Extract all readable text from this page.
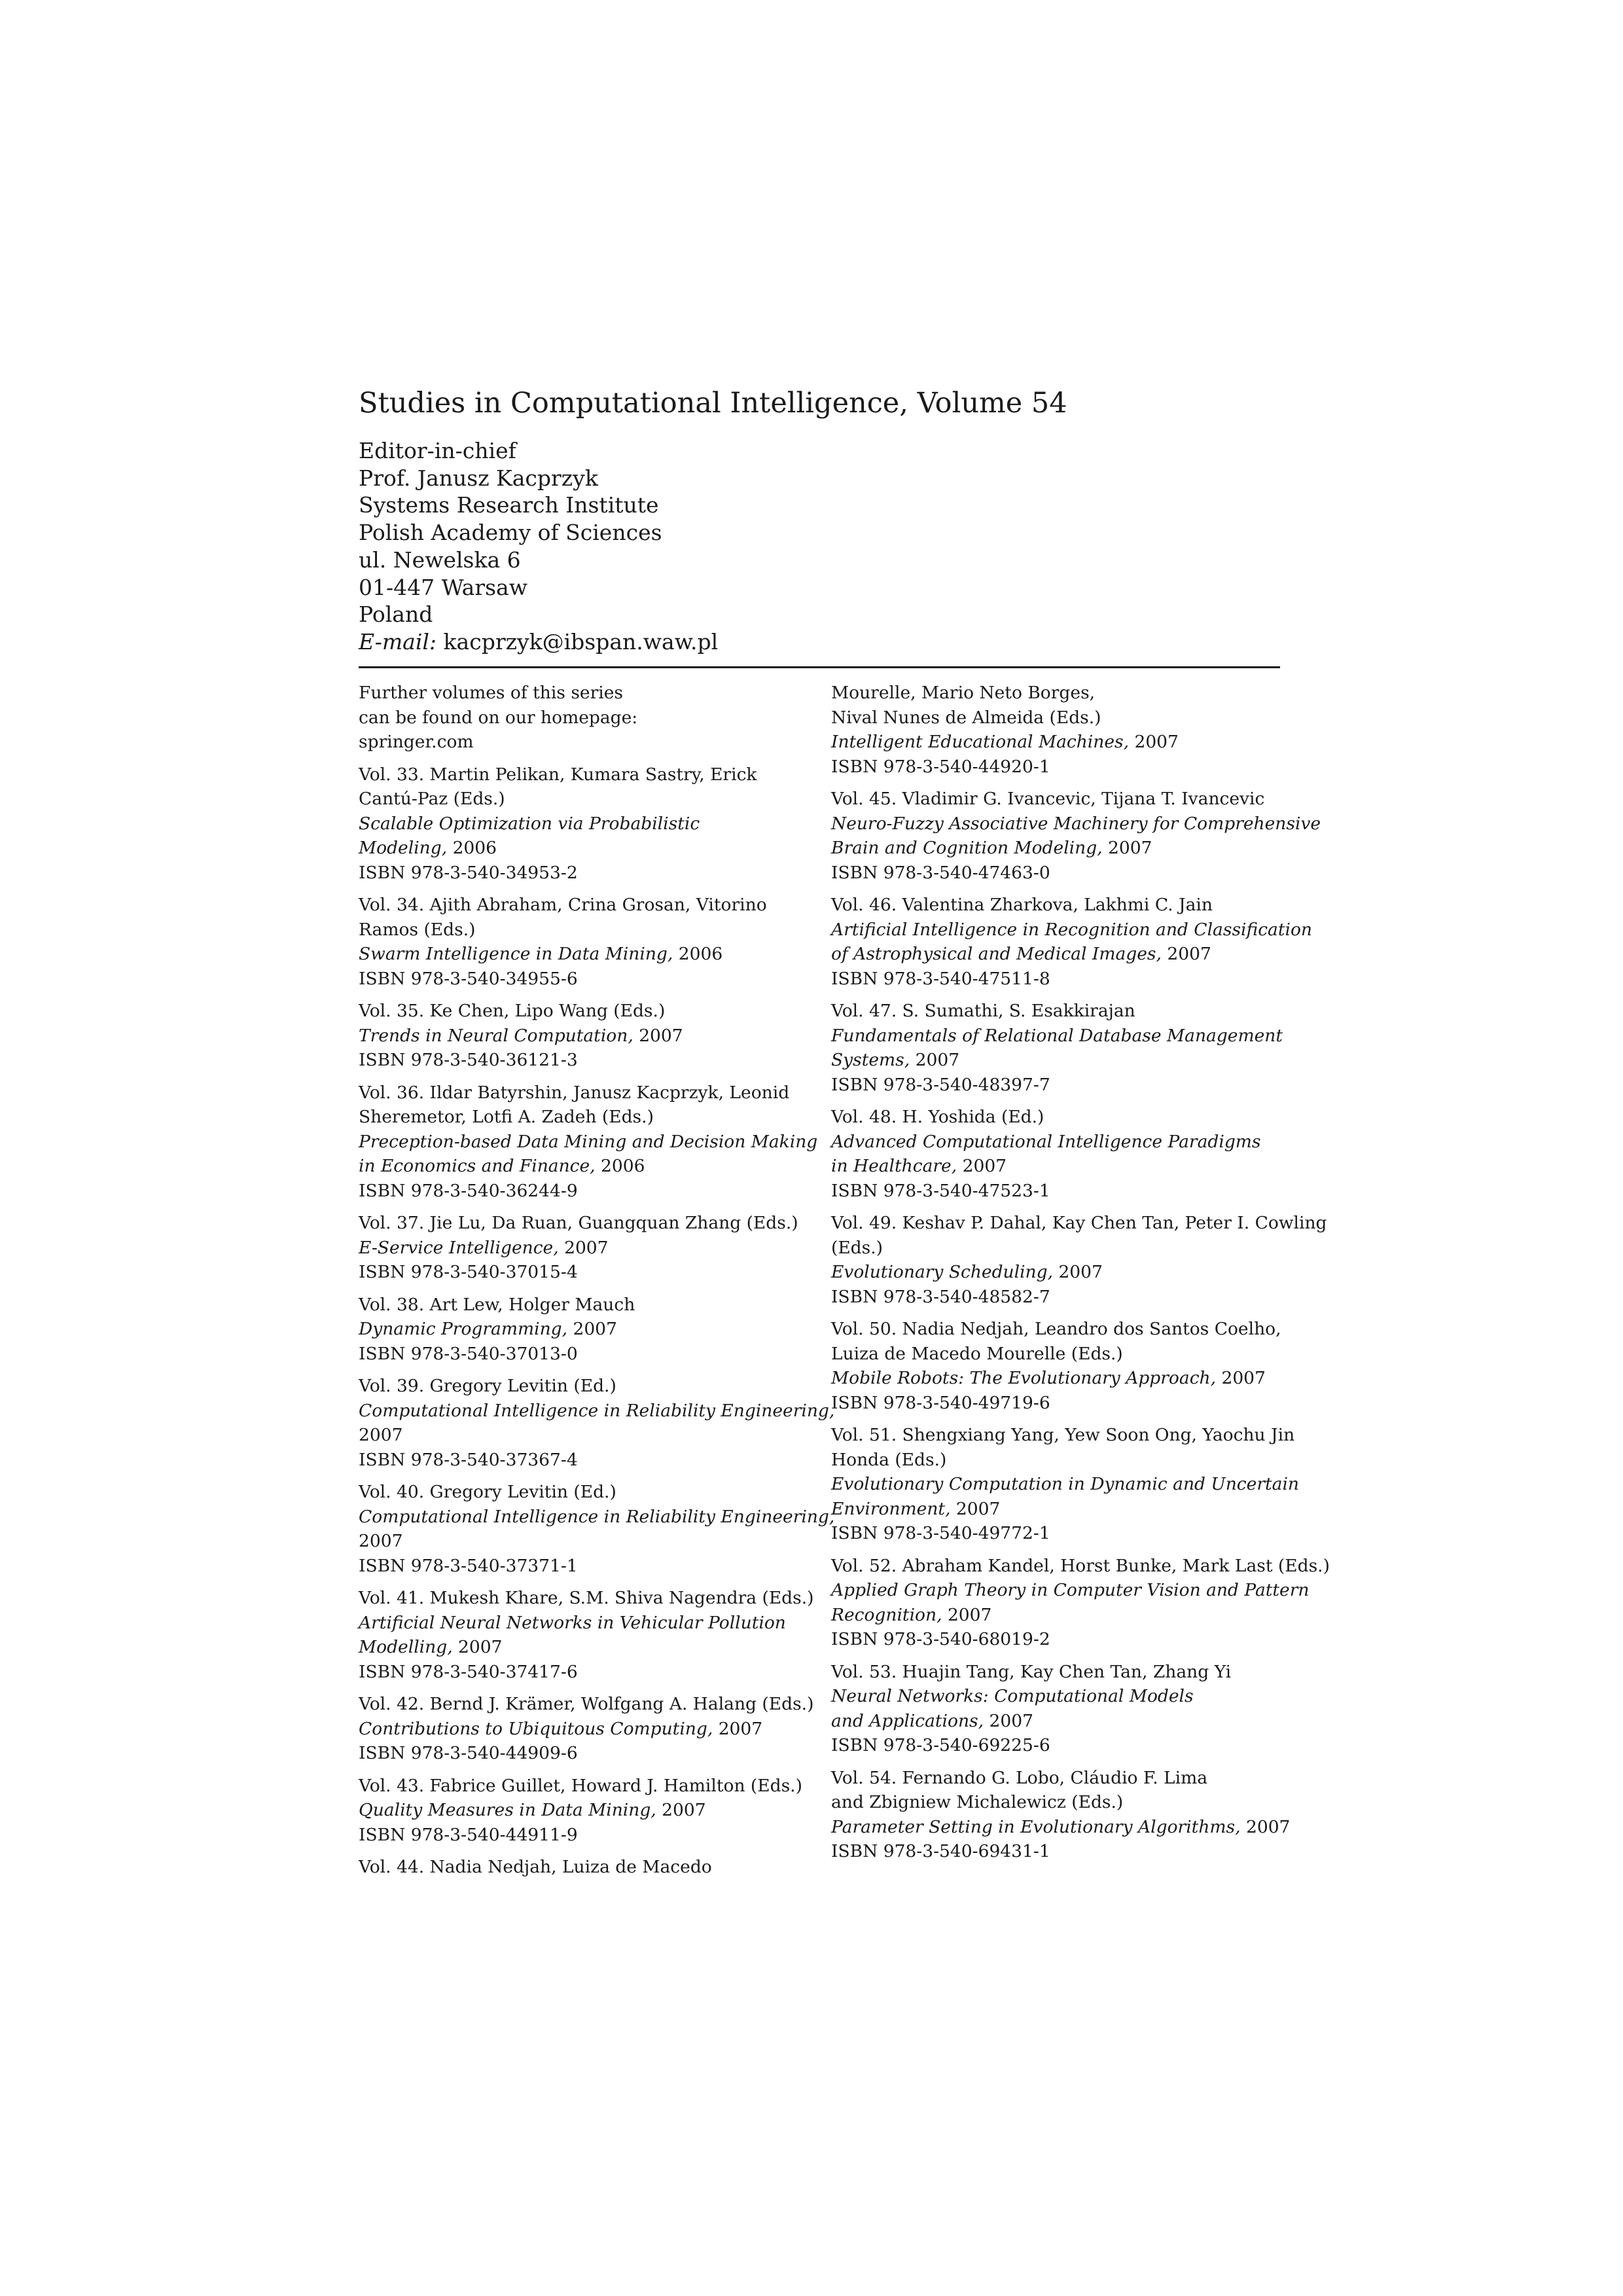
Studies in Computational Intelligence, Volume 54
Editor-in-chief
Prof. Janusz Kacprzyk
Systems Research Institute
Polish Academy of Sciences
ul. Newelska 6
01-447 Warsaw
Poland
E-mail: kacprzyk@ibspan.waw.pl
Further volumes of this series
can be found on our homepage:
springer.com
Vol. 33. Martin Pelikan, Kumara Sastry, Erick
Cantú-Paz (Eds.)
Scalable Optimization via Probabilistic
Modeling, 2006
ISBN 978-3-540-34953-2
Vol. 34. Ajith Abraham, Crina Grosan, Vitorino
Ramos (Eds.)
Swarm Intelligence in Data Mining, 2006
ISBN 978-3-540-34955-6
Vol. 35. Ke Chen, Lipo Wang (Eds.)
Trends in Neural Computation, 2007
ISBN 978-3-540-36121-3
Vol. 36. Ildar Batyrshin, Janusz Kacprzyk, Leonid
Sheremetor, Lotfi A. Zadeh (Eds.)
Preception-based Data Mining and Decision Making
in Economics and Finance, 2006
ISBN 978-3-540-36244-9
Vol. 37. Jie Lu, Da Ruan, Guangquan Zhang (Eds.)
E-Service Intelligence, 2007
ISBN 978-3-540-37015-4
Vol. 38. Art Lew, Holger Mauch
Dynamic Programming, 2007
ISBN 978-3-540-37013-0
Vol. 39. Gregory Levitin (Ed.)
Computational Intelligence in Reliability Engineering,
2007
ISBN 978-3-540-37367-4
Vol. 40. Gregory Levitin (Ed.)
Computational Intelligence in Reliability Engineering,
2007
ISBN 978-3-540-37371-1
Vol. 41. Mukesh Khare, S.M. Shiva Nagendra (Eds.)
Artificial Neural Networks in Vehicular Pollution
Modelling, 2007
ISBN 978-3-540-37417-6
Vol. 42. Bernd J. Krämer, Wolfgang A. Halang (Eds.)
Contributions to Ubiquitous Computing, 2007
ISBN 978-3-540-44909-6
Vol. 43. Fabrice Guillet, Howard J. Hamilton (Eds.)
Quality Measures in Data Mining, 2007
ISBN 978-3-540-44911-9
Vol. 44. Nadia Nedjah, Luiza de Macedo
Mourelle, Mario Neto Borges,
Nival Nunes de Almeida (Eds.)
Intelligent Educational Machines, 2007
ISBN 978-3-540-44920-1
Vol. 45. Vladimir G. Ivancevic, Tijana T. Ivancevic
Neuro-Fuzzy Associative Machinery for Comprehensive
Brain and Cognition Modeling, 2007
ISBN 978-3-540-47463-0
Vol. 46. Valentina Zharkova, Lakhmi C. Jain
Artificial Intelligence in Recognition and Classification
of Astrophysical and Medical Images, 2007
ISBN 978-3-540-47511-8
Vol. 47. S. Sumathi, S. Esakkirajan
Fundamentals of Relational Database Management
Systems, 2007
ISBN 978-3-540-48397-7
Vol. 48. H. Yoshida (Ed.)
Advanced Computational Intelligence Paradigms
in Healthcare, 2007
ISBN 978-3-540-47523-1
Vol. 49. Keshav P. Dahal, Kay Chen Tan, Peter I. Cowling
(Eds.)
Evolutionary Scheduling, 2007
ISBN 978-3-540-48582-7
Vol. 50. Nadia Nedjah, Leandro dos Santos Coelho,
Luiza de Macedo Mourelle (Eds.)
Mobile Robots: The Evolutionary Approach, 2007
ISBN 978-3-540-49719-6
Vol. 51. Shengxiang Yang, Yew Soon Ong, Yaochu Jin
Honda (Eds.)
Evolutionary Computation in Dynamic and Uncertain
Environment, 2007
ISBN 978-3-540-49772-1
Vol. 52. Abraham Kandel, Horst Bunke, Mark Last (Eds.)
Applied Graph Theory in Computer Vision and Pattern
Recognition, 2007
ISBN 978-3-540-68019-2
Vol. 53. Huajin Tang, Kay Chen Tan, Zhang Yi
Neural Networks: Computational Models
and Applications, 2007
ISBN 978-3-540-69225-6
Vol. 54. Fernando G. Lobo, Cláudio F. Lima
and Zbigniew Michalewicz (Eds.)
Parameter Setting in Evolutionary Algorithms, 2007
ISBN 978-3-540-69431-1
